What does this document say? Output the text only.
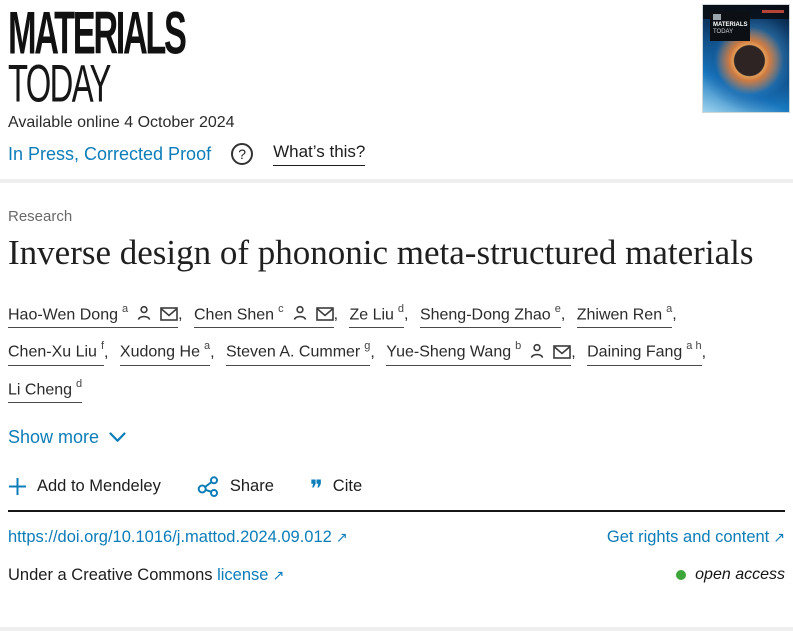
MATERIALS
TODAY
Available online 4 October 2024
In Press, Corrected Proof ? What’s this?
MATERIALS
TODAY
Research
Inverse design of phononic meta-structured materials
Hao-Wen Dong $^a$	, Chen Shen $^c$	, Ze Liu $^d$, Sheng-Dong Zhao $^e$, Zhiwen Ren $^a$,
Chen-Xu Liu $^f$, Xudong He $^a$, Steven A. Cummer $^g$, Yue-Sheng Wang $^b$	, Daining Fang $^{a h}$,
Li Cheng $^d$
Show more
Add to Mendeley	Share ❞ Cite
https://doi.org/10.1016/j.mattod.2024.09.012 ↗	Get rights and content ↗
Under a Creative Commons license ↗	open access
